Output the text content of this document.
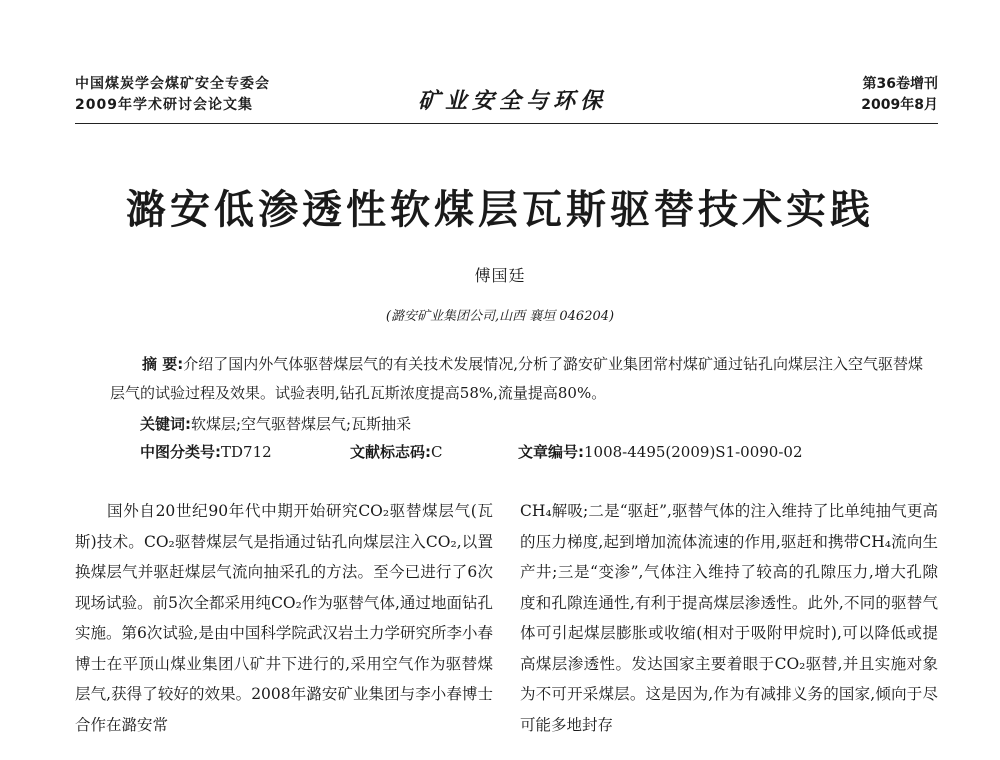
中国煤炭学会煤矿安全专委会
2009年学术研讨会论文集	矿业安全与环保
第36卷增刊
2009年8月
潞安低渗透性软煤层瓦斯驱替技术实践
傅国廷
(潞安矿业集团公司,山西 襄垣 046204)

摘 要:介绍了国内外气体驱替煤层气的有关技术发展情况,分析了潞安矿业集团常村煤矿通过钻孔向煤层注入空气驱替煤层气的试验过程及效果。试验表明,钻孔瓦斯浓度提高58%,流量提高80%。

关键词:软煤层;空气驱替煤层气;瓦斯抽采
中图分类号:TD712	文献标志码:C	文章编号:1008-4495(2009)S1-0090-02

国外自20世纪90年代中期开始研究CO₂驱替煤层气(瓦斯)技术。CO₂驱替煤层气是指通过钻孔向煤层注入CO₂,以置换煤层气并驱赶煤层气流向抽采孔的方法。至今已进行了6次现场试验。前5次全都采用纯CO₂作为驱替气体,通过地面钻孔实施。第6次试验,是由中国科学院武汉岩土力学研究所李小春博士在平顶山煤业集团八矿井下进行的,采用空气作为驱替煤层气,获得了较好的效果。2008年潞安矿业集团与李小春博士合作在潞安常

CH₄解吸;二是“驱赶”,驱替气体的注入维持了比单纯抽气更高的压力梯度,起到增加流体流速的作用,驱赶和携带CH₄流向生产井;三是“变渗”,气体注入维持了较高的孔隙压力,增大孔隙度和孔隙连通性,有利于提高煤层渗透性。此外,不同的驱替气体可引起煤层膨胀或收缩(相对于吸附甲烷时),可以降低或提高煤层渗透性。发达国家主要着眼于CO₂驱替,并且实施对象为不可开采煤层。这是因为,作为有减排义务的国家,倾向于尽可能多地封存
